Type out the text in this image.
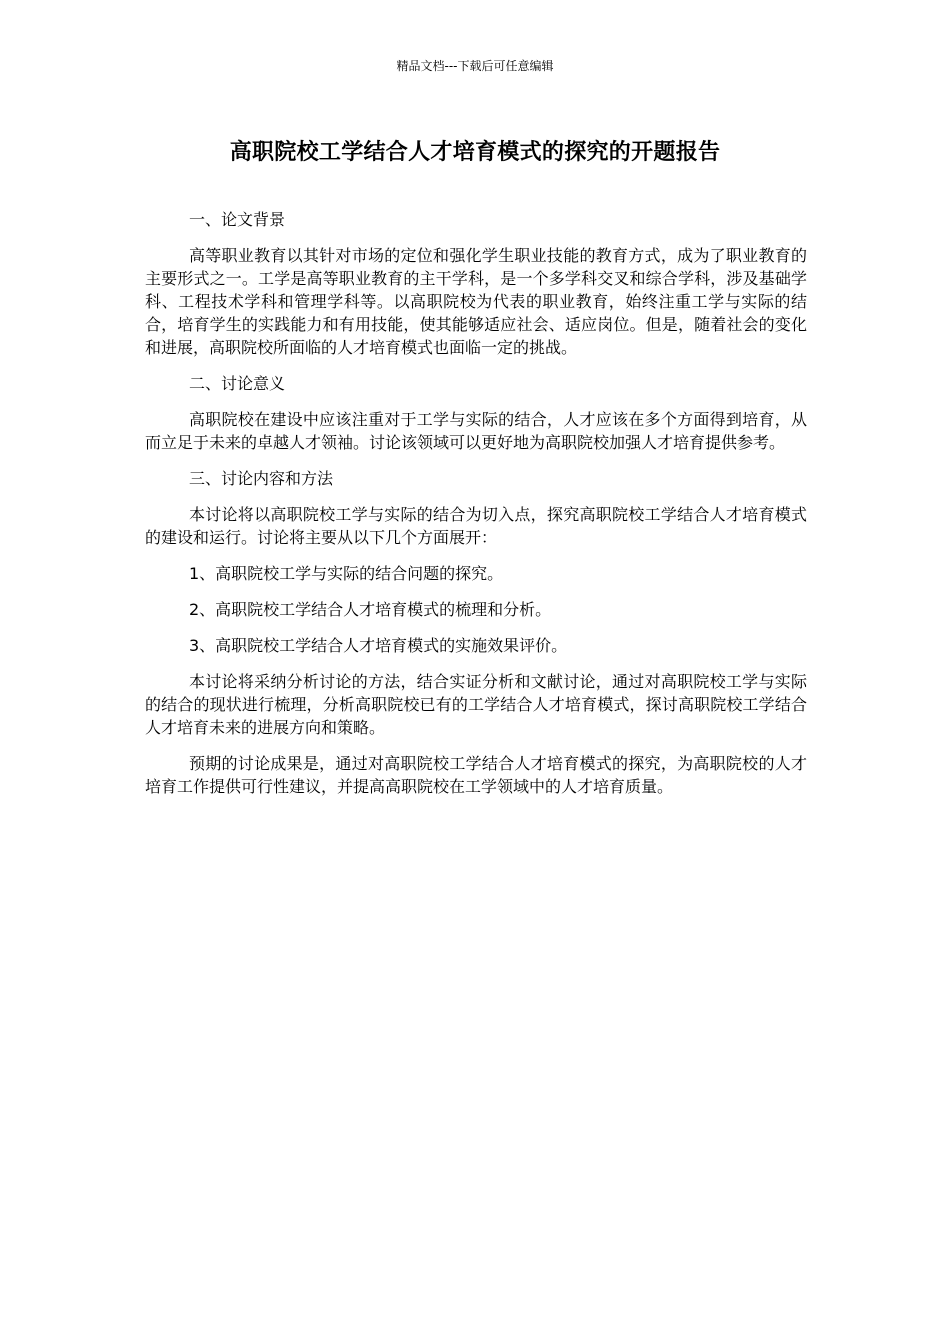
精品文档---下载后可任意编辑
高职院校工学结合人才培育模式的探究的开题报告

一、论文背景

高等职业教育以其针对市场的定位和强化学生职业技能的教育方式，成为了职业教育的主要形式之一。工学是高等职业教育的主干学科，是一个多学科交叉和综合学科，涉及基础学科、工程技术学科和管理学科等。以高职院校为代表的职业教育，始终注重工学与实际的结合，培育学生的实践能力和有用技能，使其能够适应社会、适应岗位。但是，随着社会的变化和进展，高职院校所面临的人才培育模式也面临一定的挑战。

二、讨论意义

高职院校在建设中应该注重对于工学与实际的结合，人才应该在多个方面得到培育，从而立足于未来的卓越人才领袖。讨论该领域可以更好地为高职院校加强人才培育提供参考。

三、讨论内容和方法

本讨论将以高职院校工学与实际的结合为切入点，探究高职院校工学结合人才培育模式的建设和运行。讨论将主要从以下几个方面展开：

1、高职院校工学与实际的结合问题的探究。

2、高职院校工学结合人才培育模式的梳理和分析。

3、高职院校工学结合人才培育模式的实施效果评价。

本讨论将采纳分析讨论的方法，结合实证分析和文献讨论，通过对高职院校工学与实际的结合的现状进行梳理，分析高职院校已有的工学结合人才培育模式，探讨高职院校工学结合人才培育未来的进展方向和策略。

预期的讨论成果是，通过对高职院校工学结合人才培育模式的探究，为高职院校的人才培育工作提供可行性建议，并提高高职院校在工学领域中的人才培育质量。
